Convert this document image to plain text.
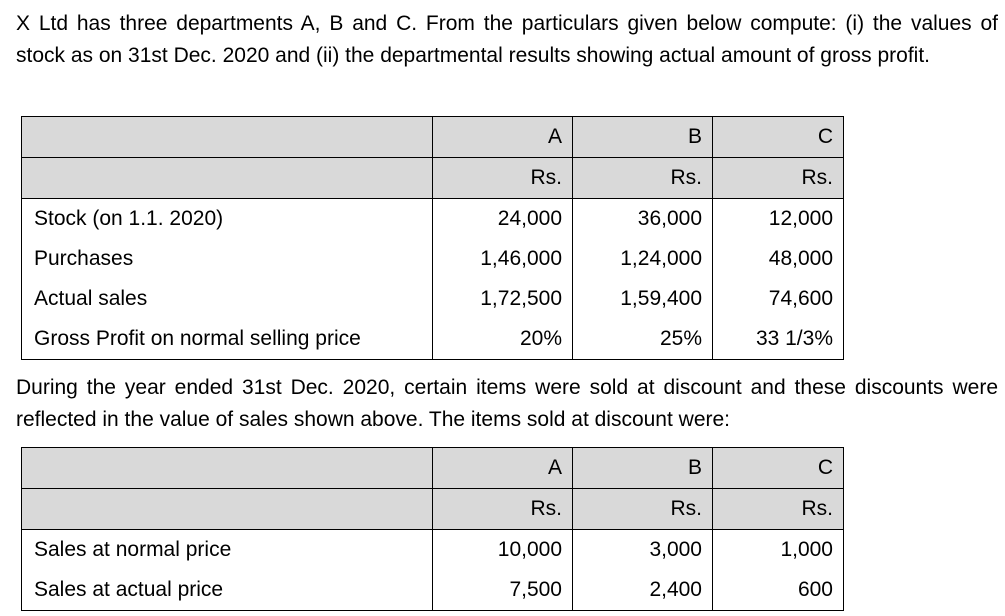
X Ltd has three departments A, B and C. From the particulars given below compute: (i) the values of stock as on 31st Dec. 2020 and (ii) the departmental results showing actual amount of gross profit.

	A	B	C
	Rs.	Rs.	Rs.
Stock (on 1.1. 2020)	24,000	36,000	12,000
Purchases	1,46,000	1,24,000	48,000
Actual sales	1,72,500	1,59,400	74,600
Gross Profit on normal selling price	20%	25%	33 1/3%

During the year ended 31st Dec. 2020, certain items were sold at discount and these discounts were reflected in the value of sales shown above. The items sold at discount were:

	A	B	C
	Rs.	Rs.	Rs.
Sales at normal price	10,000	3,000	1,000
Sales at actual price	7,500	2,400	600
